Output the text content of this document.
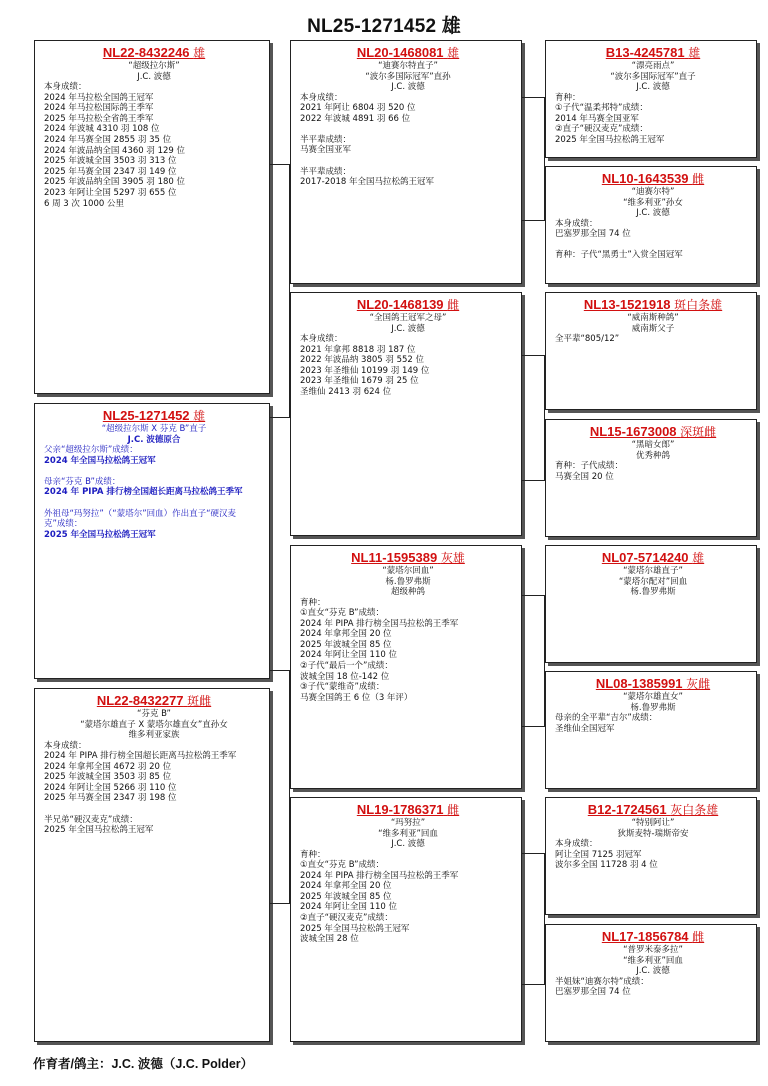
NL25-1271452 雄
NL22-8432246 雄
“超级拉尔斯”
J.C. 波德
本身成绩：
2024 年马拉松全国鸽王冠军
2024 年马拉松国际鸽王季军
2025 年马拉松全省鸽王季军
2024 年波城 4310 羽 108 位
2024 年马赛全国 2855 羽 35 位
2024 年波品纳全国 4360 羽 129 位
2025 年波城全国 3503 羽 313 位
2025 年马赛全国 2347 羽 149 位
2025 年波品纳全国 3905 羽 180 位
2023 年阿让全国 5297 羽 655 位
6 周 3 次 1000 公里
NL25-1271452 雄
“超级拉尔斯 X 芬克 B”直子
J.C. 波德原合
父亲“超级拉尔斯”成绩：
2024 年全国马拉松鸽王冠军
母亲“芬克 B”成绩：
2024 年 PIPA 排行榜全国超长距离马拉松鸽王季军
外祖母“玛努拉”（“蒙塔尔”回血）作出直子“硬汉麦
克”成绩：
2025 年全国马拉松鸽王冠军
NL22-8432277 斑雌
“芬克 B”
“蒙塔尔雄直子 X 蒙塔尔雄直女”直孙女
维多利亚家族
本身成绩：
2024 年 PIPA 排行榜全国超长距离马拉松鸽王季军
2024 年拿邦全国 4672 羽 20 位
2025 年波城全国 3503 羽 85 位
2024 年阿让全国 5266 羽 110 位
2025 年马赛全国 2347 羽 198 位
半兄弟“硬汉麦克”成绩：
2025 年全国马拉松鸽王冠军
NL20-1468081 雄
“迪赛尔特直子”
“波尔多国际冠军”直孙
J.C. 波德
本身成绩：
2021 年阿让 6804 羽 520 位
2022 年波城 4891 羽 66 位
半平辈成绩：
马赛全国亚军
半平辈成绩：
2017-2018 年全国马拉松鸽王冠军
NL20-1468139 雌
“全国鸽王冠军之母”
J.C. 波德
本身成绩：
2021 年拿邦 8818 羽 187 位
2022 年波品纳 3805 羽 552 位
2023 年圣维仙 10199 羽 149 位
2023 年圣维仙 1679 羽 25 位
圣维仙 2413 羽 624 位
NL11-1595389 灰雄
“蒙塔尔回血”
杨.鲁罗弗斯
超级种鸽
育种：
①直女“芬克 B”成绩：
2024 年 PIPA 排行榜全国马拉松鸽王季军
2024 年拿邦全国 20 位
2025 年波城全国 85 位
2024 年阿让全国 110 位
②子代“最后一个”成绩：
波城全国 18 位-142 位
③子代“蒙维奇”成绩：
马赛全国鸽王 6 位（3 年评）
NL19-1786371 雌
“玛努拉”
“维多利亚”回血
J.C. 波德
育种：
①直女“芬克 B”成绩：
2024 年 PIPA 排行榜全国马拉松鸽王季军
2024 年拿邦全国 20 位
2025 年波城全国 85 位
2024 年阿让全国 110 位
②直子“硬汉麦克”成绩：
2025 年全国马拉松鸽王冠军
波城全国 28 位
B13-4245781 雄
“漂亮雨点”
“波尔多国际冠军”直子
J.C. 波德
育种：
①子代“温柔邦特”成绩：
2014 年马赛全国亚军
②直子“硬汉麦克”成绩：
2025 年全国马拉松鸽王冠军
NL10-1643539 雌
“迪赛尔特”
“维多利亚”孙女
J.C. 波德
本身成绩：
巴塞罗那全国 74 位
育种：子代“黑勇士”入赏全国冠军
NL13-1521918 斑白条雄
“威南斯种鸽”
威南斯父子
全平辈“805/12”
NL15-1673008 深斑雌
“黑暗女郎”
优秀种鸽
育种：子代成绩：
马赛全国 20 位
NL07-5714240 雄
“蒙塔尔雄直子”
“蒙塔尔配对”回血
杨.鲁罗弗斯
NL08-1385991 灰雌
“蒙塔尔雄直女”
杨.鲁罗弗斯
母亲的全平辈“吉尔”成绩：
圣维仙全国冠军
B12-1724561 灰白条雄
“特别阿让”
狄斯麦特-瑞斯帝安
本身成绩：
阿让全国 7125 羽冠军
波尔多全国 11728 羽 4 位
NL17-1856784 雌
“普罗米泰多拉”
“维多利亚”回血
J.C. 波德
半姐妹“迪赛尔特”成绩：
巴塞罗那全国 74 位
作育者/鸽主：J.C. 波德（J.C. Polder）
